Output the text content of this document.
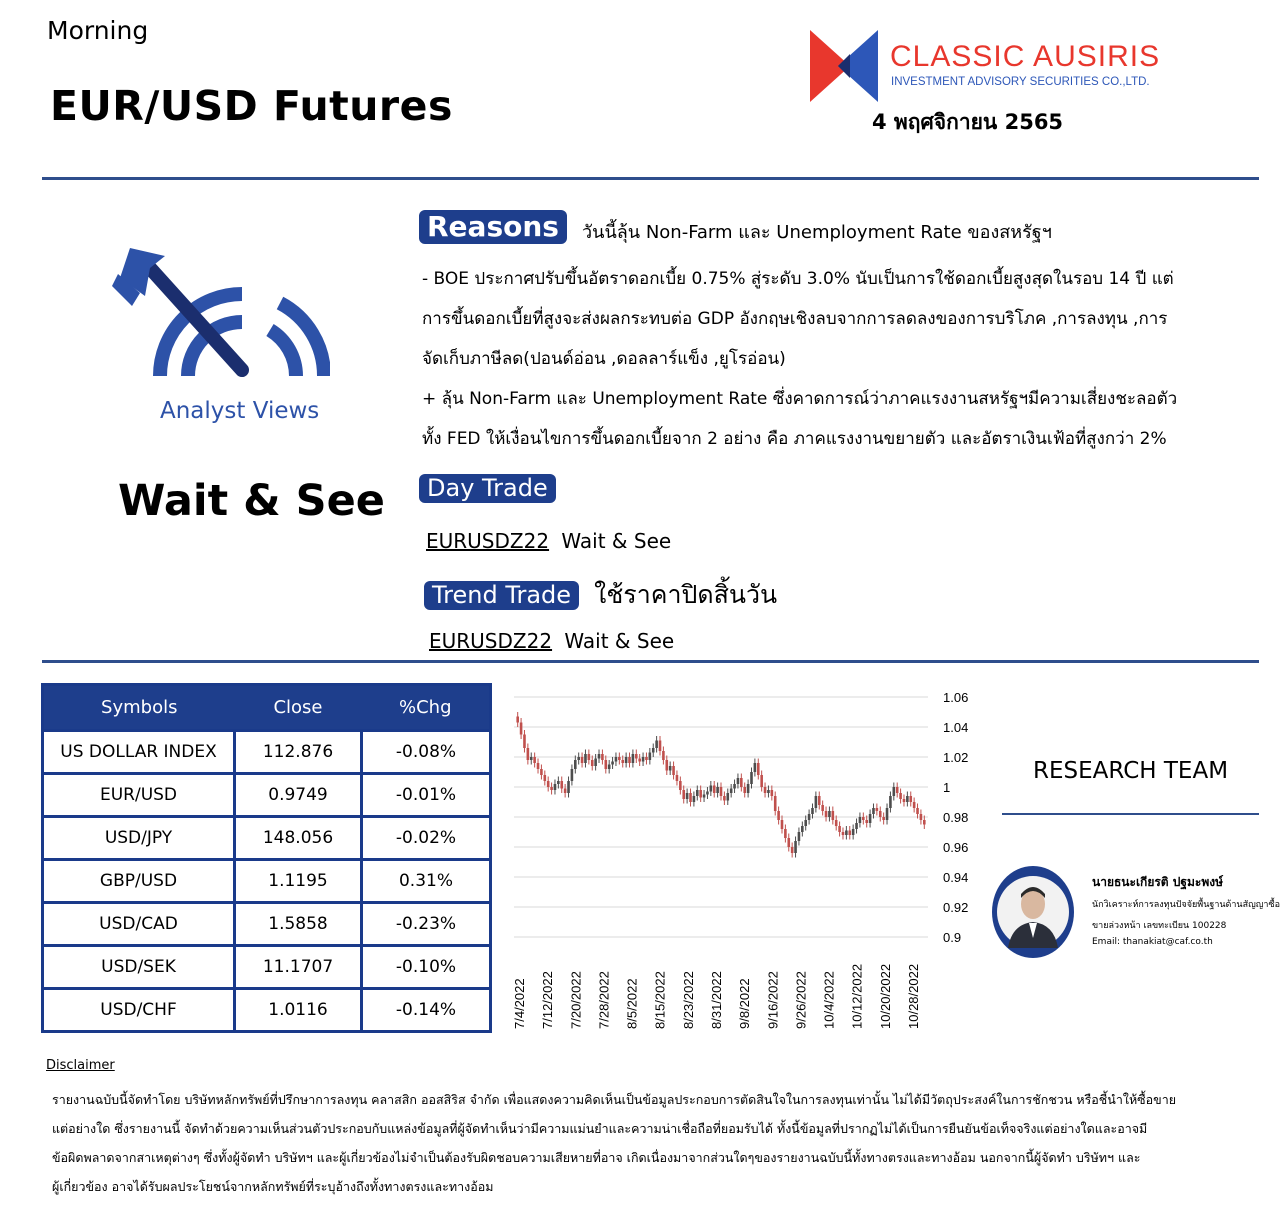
Morning
EUR/USD Futures
CLASSIC AUSIRIS
INVESTMENT ADVISORY SECURITIES CO.,LTD.
4 พฤศจิกายน 2565
Analyst Views
Wait & See
Reasons วันนี้ลุ้น Non-Farm และ Unemployment Rate ของสหรัฐฯ
- BOE ประกาศปรับขึ้นอัตราดอกเบี้ย 0.75% สู่ระดับ 3.0% นับเป็นการใช้ดอกเบี้ยสูงสุดในรอบ 14 ปี แต่
การขึ้นดอกเบี้ยที่สูงจะส่งผลกระทบต่อ GDP อังกฤษเชิงลบจากการลดลงของการบริโภค ,การลงทุน ,การ
จัดเก็บภาษีลด(ปอนด์อ่อน ,ดอลลาร์แข็ง ,ยูโรอ่อน)
+ ลุ้น Non-Farm และ Unemployment Rate ซึ่งคาดการณ์ว่าภาคแรงงานสหรัฐฯมีความเสี่ยงชะลอตัว
ทั้ง FED ให้เงื่อนไขการขึ้นดอกเบี้ยจาก 2 อย่าง คือ ภาคแรงงานขยายตัว และอัตราเงินเฟ้อที่สูงกว่า 2%
Day Trade
EURUSDZ22 Wait & See
Trend Trade ใช้ราคาปิดสิ้นวัน
EURUSDZ22 Wait & See
Symbols	Close	%Chg
US DOLLAR INDEX	112.876	-0.08%
EUR/USD	0.9749	-0.01%
USD/JPY	148.056	-0.02%
GBP/USD	1.1195	0.31%
USD/CAD	1.5858	-0.23%
USD/SEK	11.1707	-0.10%
USD/CHF	1.0116	-0.14%
1.06
1.04
1.02
1
0.98
0.96
0.94
0.92
0.9
7/4/2022 7/12/2022 7/20/2022 7/28/2022 8/5/2022 8/15/2022 8/23/2022 8/31/2022 9/8/2022 9/16/2022 9/26/2022 10/4/2022 10/12/2022 10/20/2022 10/28/2022
RESEARCH TEAM
นายธนะเกียรติ ปฐมะพงษ์
นักวิเคราะห์การลงทุนปัจจัยพื้นฐานด้านสัญญาซื้อ
ขายล่วงหน้า เลขทะเบียน 100228
Email: thanakiat@caf.co.th
Disclaimer
รายงานฉบับนี้จัดทำโดย บริษัทหลักทรัพย์ที่ปรึกษาการลงทุน คลาสสิก ออสสิริส จำกัด เพื่อแสดงความคิดเห็นเป็นข้อมูลประกอบการตัดสินใจในการลงทุนเท่านั้น ไม่ได้มีวัตถุประสงค์ในการชักชวน หรือชี้นำให้ซื้อขาย
แต่อย่างใด ซึ่งรายงานนี้ จัดทำด้วยความเห็นส่วนตัวประกอบกับแหล่งข้อมูลที่ผู้จัดทำเห็นว่ามีความแม่นยำและความน่าเชื่อถือที่ยอมรับได้ ทั้งนี้ข้อมูลที่ปรากฏไม่ได้เป็นการยืนยันข้อเท็จจริงแต่อย่างใดและอาจมี
ข้อผิดพลาดจากสาเหตุต่างๆ ซึ่งทั้งผู้จัดทำ บริษัทฯ และผู้เกี่ยวข้องไม่จำเป็นต้องรับผิดชอบความเสียหายที่อาจ เกิดเนื่องมาจากส่วนใดๆของรายงานฉบับนี้ทั้งทางตรงและทางอ้อม นอกจากนี้ผู้จัดทำ บริษัทฯ และ
ผู้เกี่ยวข้อง อาจได้รับผลประโยชน์จากหลักทรัพย์ที่ระบุอ้างถึงทั้งทางตรงและทางอ้อม
